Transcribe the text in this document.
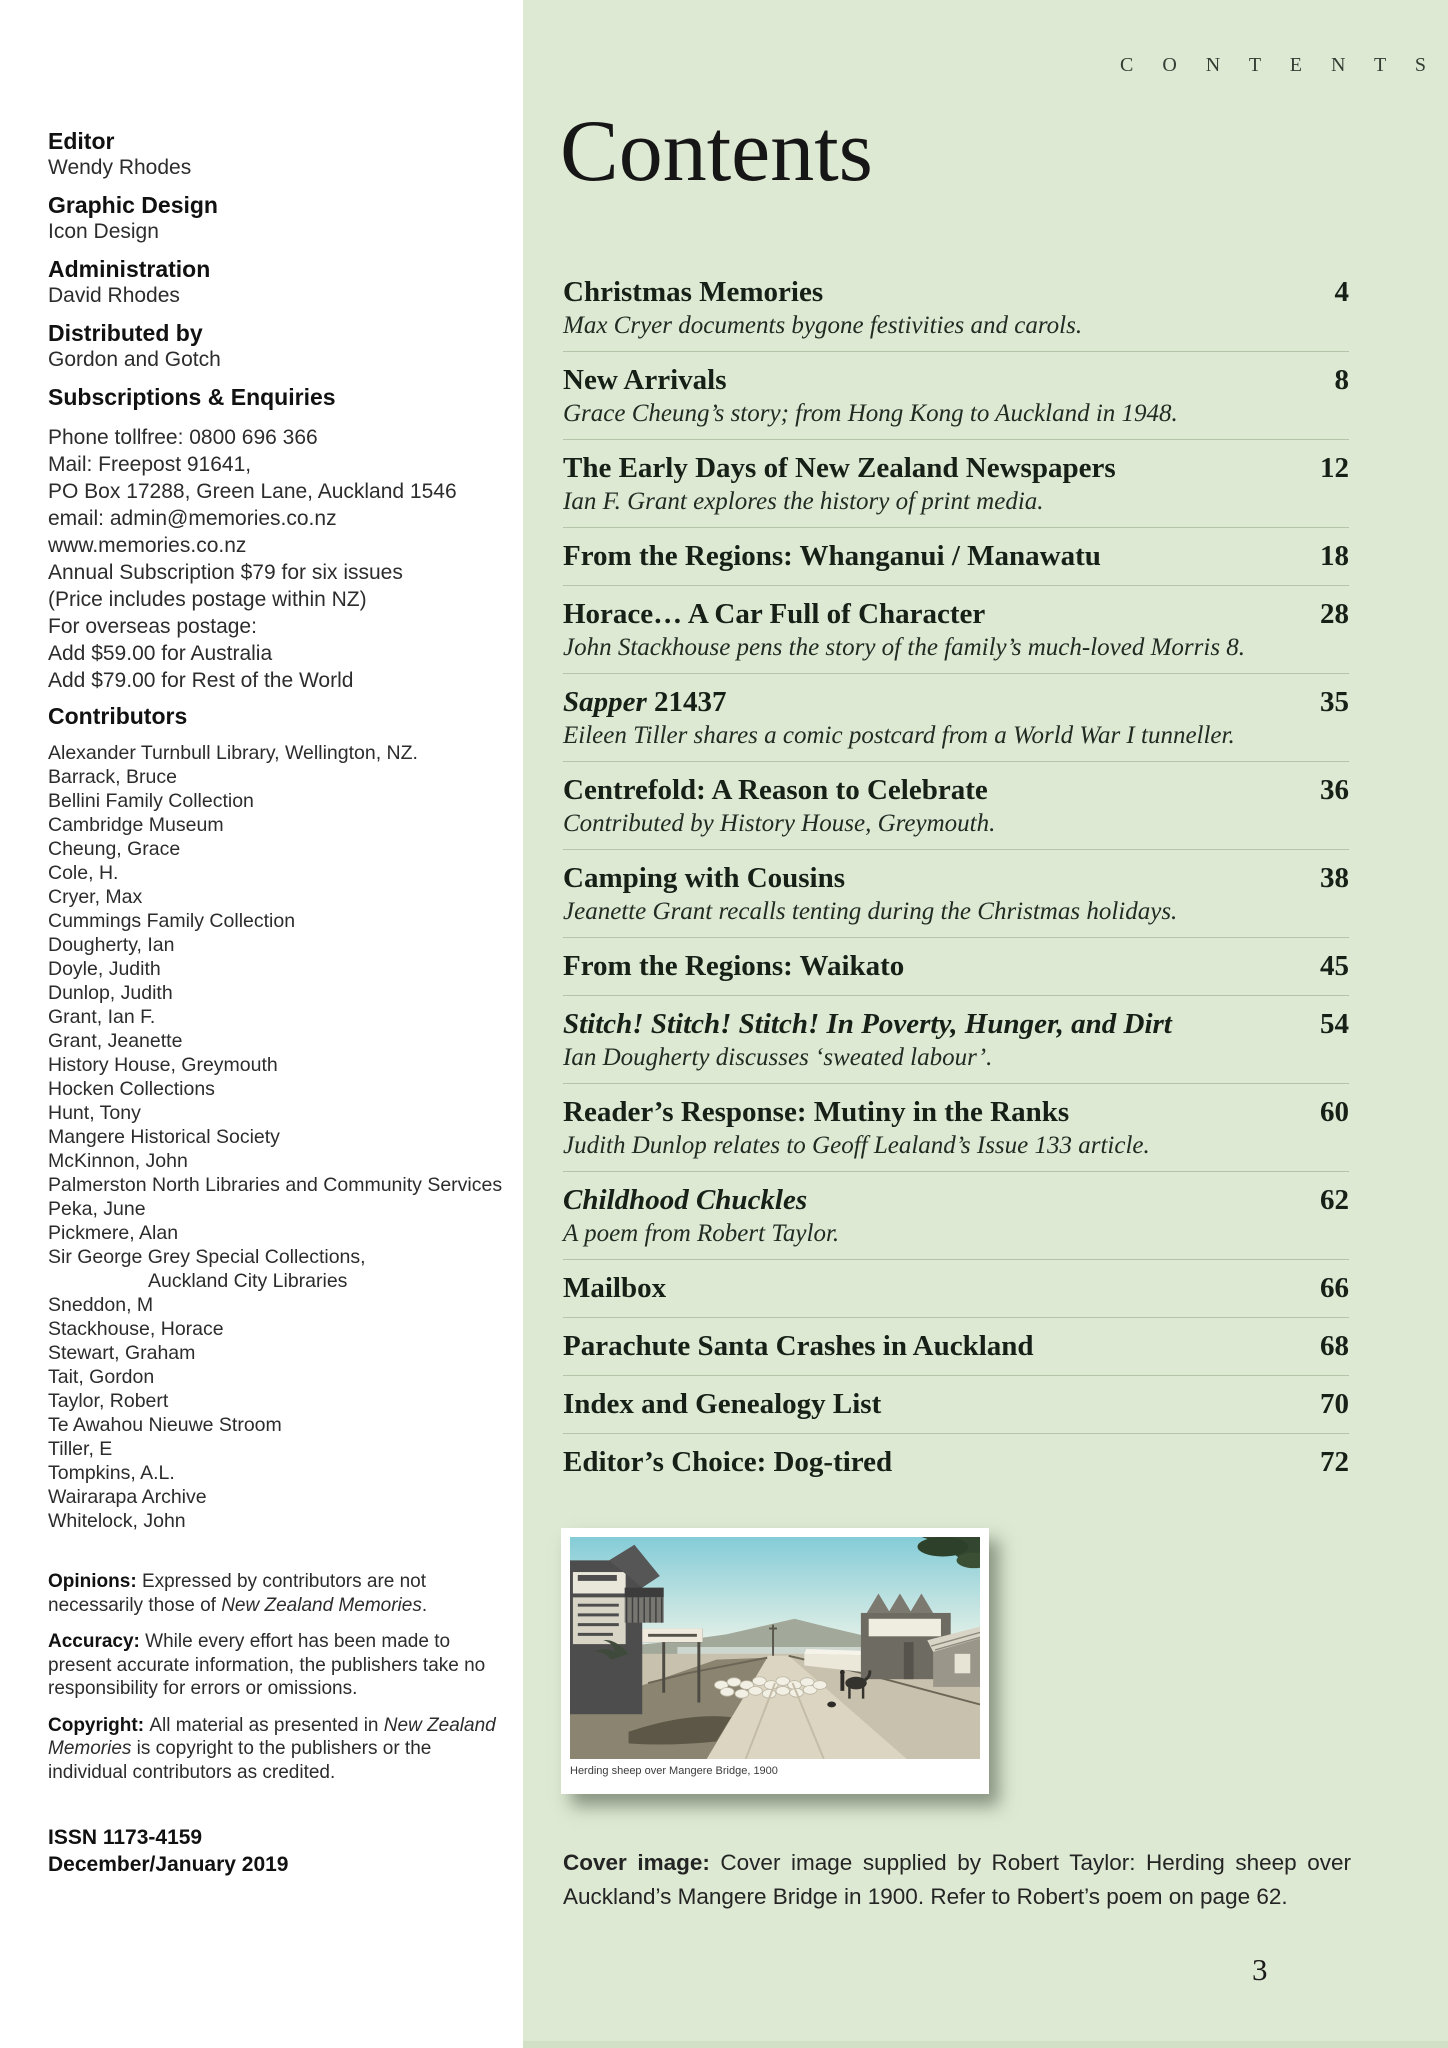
C O N T E N T S
Contents
Christmas Memories	4
Max Cryer documents bygone festivities and carols.
New Arrivals	8
Grace Cheung’s story; from Hong Kong to Auckland in 1948.
The Early Days of New Zealand Newspapers	12
Ian F. Grant explores the history of print media.
From the Regions: Whanganui / Manawatu	18
Horace… A Car Full of Character	28
John Stackhouse pens the story of the family’s much-loved Morris 8.
Sapper 21437	35
Eileen Tiller shares a comic postcard from a World War I tunneller.
Centrefold: A Reason to Celebrate	36
Contributed by History House, Greymouth.
Camping with Cousins	38
Jeanette Grant recalls tenting during the Christmas holidays.
From the Regions: Waikato	45
Stitch! Stitch! Stitch! In Poverty, Hunger, and Dirt	54
Ian Dougherty discusses ‘sweated labour’.
Reader’s Response: Mutiny in the Ranks	60
Judith Dunlop relates to Geoff Lealand’s Issue 133 article.
Childhood Chuckles	62
A poem from Robert Taylor.
Mailbox	66
Parachute Santa Crashes in Auckland	68
Index and Genealogy List	70
Editor’s Choice: Dog-tired	72
Herding sheep over Mangere Bridge, 1900
Cover image: Cover image supplied by Robert Taylor: Herding sheep over Auckland’s Mangere Bridge in 1900. Refer to Robert’s poem on page 62.
3
Editor
Wendy Rhodes
Graphic Design
Icon Design
Administration
David Rhodes
Distributed by
Gordon and Gotch
Subscriptions & Enquiries
Phone tollfree: 0800 696 366
Mail: Freepost 91641,
PO Box 17288, Green Lane, Auckland 1546
email: admin@memories.co.nz
www.memories.co.nz
Annual Subscription $79 for six issues
(Price includes postage within NZ)
For overseas postage:
Add $59.00 for Australia
Add $79.00 for Rest of the World
Contributors
Alexander Turnbull Library, Wellington, NZ.
Barrack, Bruce
Bellini Family Collection
Cambridge Museum
Cheung, Grace
Cole, H.
Cryer, Max
Cummings Family Collection
Dougherty, Ian
Doyle, Judith
Dunlop, Judith
Grant, Ian F.
Grant, Jeanette
History House, Greymouth
Hocken Collections
Hunt, Tony
Mangere Historical Society
McKinnon, John
Palmerston North Libraries and Community Services
Peka, June
Pickmere, Alan
Sir George Grey Special Collections,
Auckland City Libraries
Sneddon, M
Stackhouse, Horace
Stewart, Graham
Tait, Gordon
Taylor, Robert
Te Awahou Nieuwe Stroom
Tiller, E
Tompkins, A.L.
Wairarapa Archive
Whitelock, John
Opinions: Expressed by contributors are not necessarily those of New Zealand Memories.
Accuracy: While every effort has been made to present accurate information, the publishers take no responsibility for errors or omissions.
Copyright: All material as presented in New Zealand Memories is copyright to the publishers or the individual contributors as credited.
ISSN 1173-4159
December/January 2019
